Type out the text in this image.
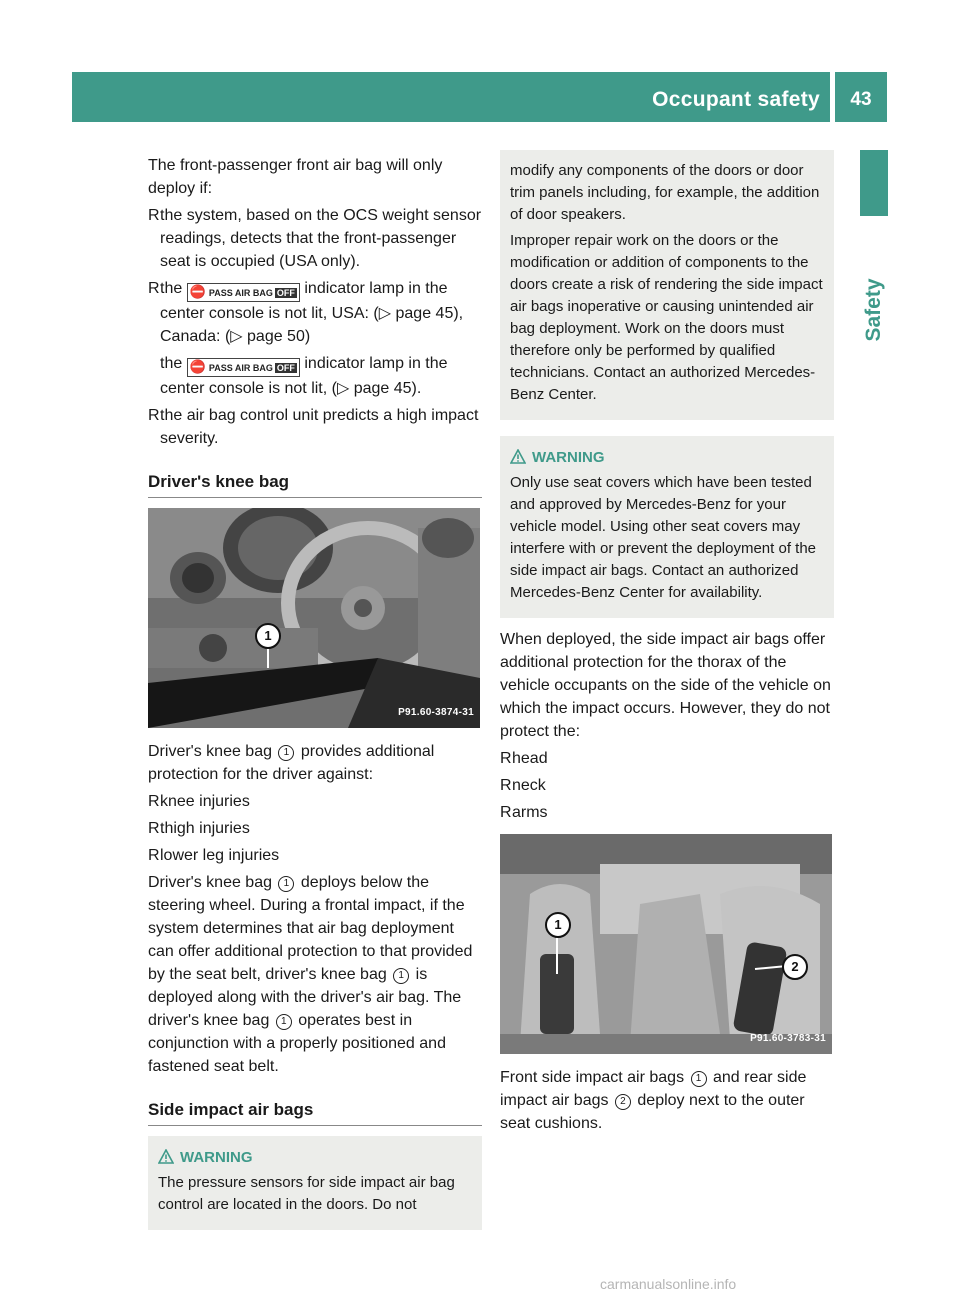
Occupant safety	43
Safety

The front-passenger front air bag will only deploy if:

R the system, based on the OCS weight sensor readings, detects that the front-passenger seat is occupied (USA only).
R the ⛔ PASS AIR BAG OFF indicator lamp in the center console is not lit, USA: (▷ page 45), Canada: (▷ page 50)
the ⛔ PASS AIR BAG OFF indicator lamp in the center console is not lit, (▷ page 45).
R the air bag control unit predicts a high impact severity.
Driver's knee bag
1
P91.60-3874-31

Driver's knee bag 1 provides additional protection for the driver against:

R knee injuries
R thigh injuries
R lower leg injuries

Driver's knee bag 1 deploys below the steering wheel. During a frontal impact, if the system determines that air bag deployment can offer additional protection to that provided by the seat belt, driver's knee bag 1 is deployed along with the driver's air bag. The driver's knee bag 1 operates best in conjunction with a properly positioned and fastened seat belt.

Side impact air bags
WARNING

The pressure sensors for side impact air bag control are located in the doors. Do not

modify any components of the doors or door trim panels including, for example, the addition of door speakers.

Improper repair work on the doors or the modification or addition of components to the doors create a risk of rendering the side impact air bags inoperative or causing unintended air bag deployment. Work on the doors must therefore only be performed by qualified technicians. Contact an authorized Mercedes-Benz Center.

WARNING

Only use seat covers which have been tested and approved by Mercedes-Benz for your vehicle model. Using other seat covers may interfere with or prevent the deployment of the side impact air bags. Contact an authorized Mercedes-Benz Center for availability.

When deployed, the side impact air bags offer additional protection for the thorax of the vehicle occupants on the side of the vehicle on which the impact occurs. However, they do not protect the:

R head
R neck
R arms
1
2
P91.60-3783-31

Front side impact air bags 1 and rear side impact air bags 2 deploy next to the outer seat cushions.

carmanualsonline.info
